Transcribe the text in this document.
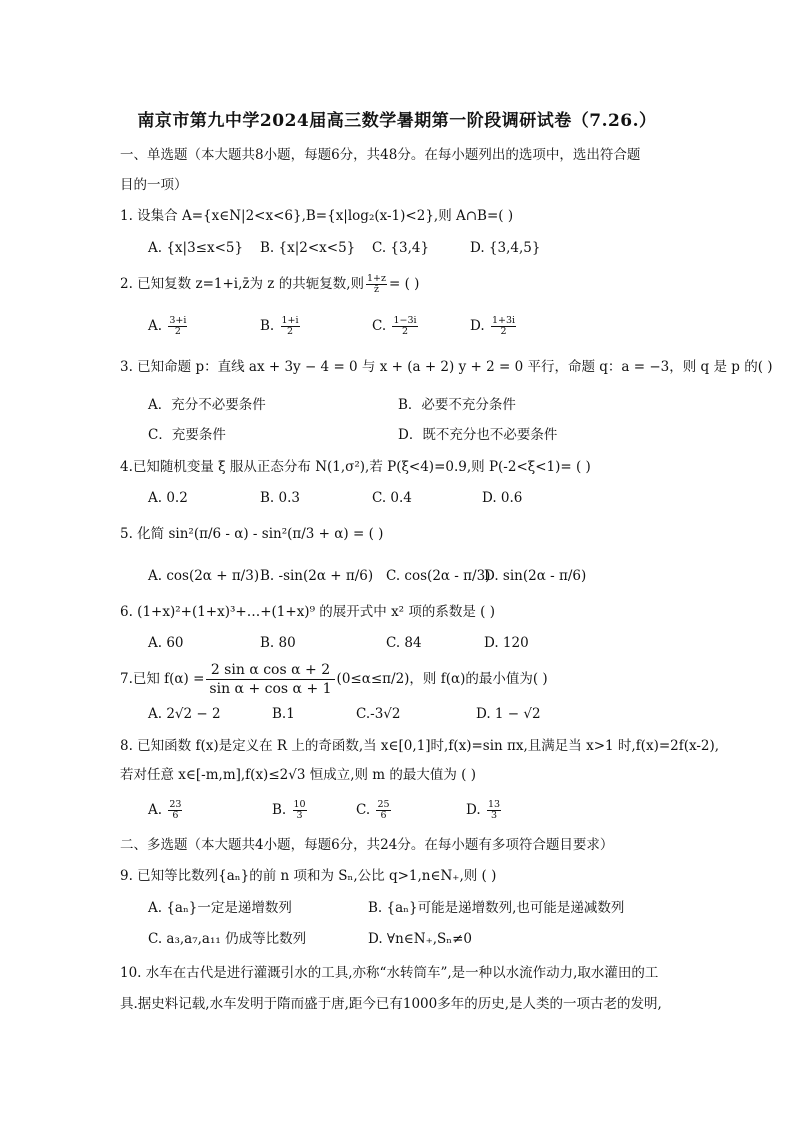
南京市第九中学2024届高三数学暑期第一阶段调研试卷（7.26.）
一、单选题（本大题共8小题，每题6分，共48分。在每小题列出的选项中，选出符合题
目的一项）
1. 设集合 A={x∈N|2<x<6},B={x|log₂(x-1)<2},则 A∩B=( )
A. {x|3≤x<5} B. {x|2<x<5} C. {3,4}	D. {3,4,5}
2. 已知复数 z=1+i,z̄为 z 的共轭复数,则 $\frac{1+z}{z̄}$ = ( )
A. $\frac{3+i}{2}$	B. $\frac{1+i}{2}$	C. $\frac{1-3i}{2}$	D. $\frac{1+3i}{2}$
3. 已知命题 p：直线 ax + 3y − 4 = 0 与 x + (a + 2) y + 2 = 0 平行，命题 q：a = −3，则 q 是 p 的( )
A．充分不必要条件	B．必要不充分条件
C．充要条件	D．既不充分也不必要条件
4.已知随机变量 ξ 服从正态分布 N(1,σ²),若 P(ξ<4)=0.9,则 P(-2<ξ<1)= ( )
A. 0.2	B. 0.3	C. 0.4	D. 0.6
5. 化简 sin²(π/6 - α) - sin²(π/3 + α) = ( )
A. cos(2α + π/3) B. -sin(2α + π/6) C. cos(2α - π/3)
D. sin(2α - π/6)
6. (1+x)²+(1+x)³+…+(1+x)⁹ 的展开式中 x² 项的系数是 ( )
A. 60	B. 80	C. 84	D. 120
7.已知 $f(\alpha) = \frac{\text{2 sin α cos α + 2}}{\text{sin α + cos α + 1}} (0\le\alpha\le\pi/2)$，则 f(α)的最小值为( )
A. 2√2 − 2	B.1	C.-3√2	D. 1 − √2
8. 已知函数 f(x)是定义在 R 上的奇函数,当 x∈[0,1]时,f(x)=sin πx,且满足当 x>1 时,f(x)=2f(x-2),
若对任意 x∈[-m,m],f(x)≤2√3 恒成立,则 m 的最大值为 ( )
A. $\frac{23}{6}$	B. $\frac{10}{3}$	C. $\frac{25}{6}$	D. $\frac{13}{3}$
二、多选题（本大题共4小题，每题6分，共24分。在每小题有多项符合题目要求）
9. 已知等比数列{aₙ}的前 n 项和为 Sₙ,公比 q>1,n∈N₊,则 ( )
A. {aₙ}一定是递增数列	B. {aₙ}可能是递增数列,也可能是递减数列
C. a₃,a₇,a₁₁ 仍成等比数列	D. ∀n∈N₊,Sₙ≠0
10. 水车在古代是进行灌溉引水的工具,亦称“水转筒车”,是一种以水流作动力,取水灌田的工
具.据史料记载,水车发明于隋而盛于唐,距今已有1000多年的历史,是人类的一项古老的发明,
